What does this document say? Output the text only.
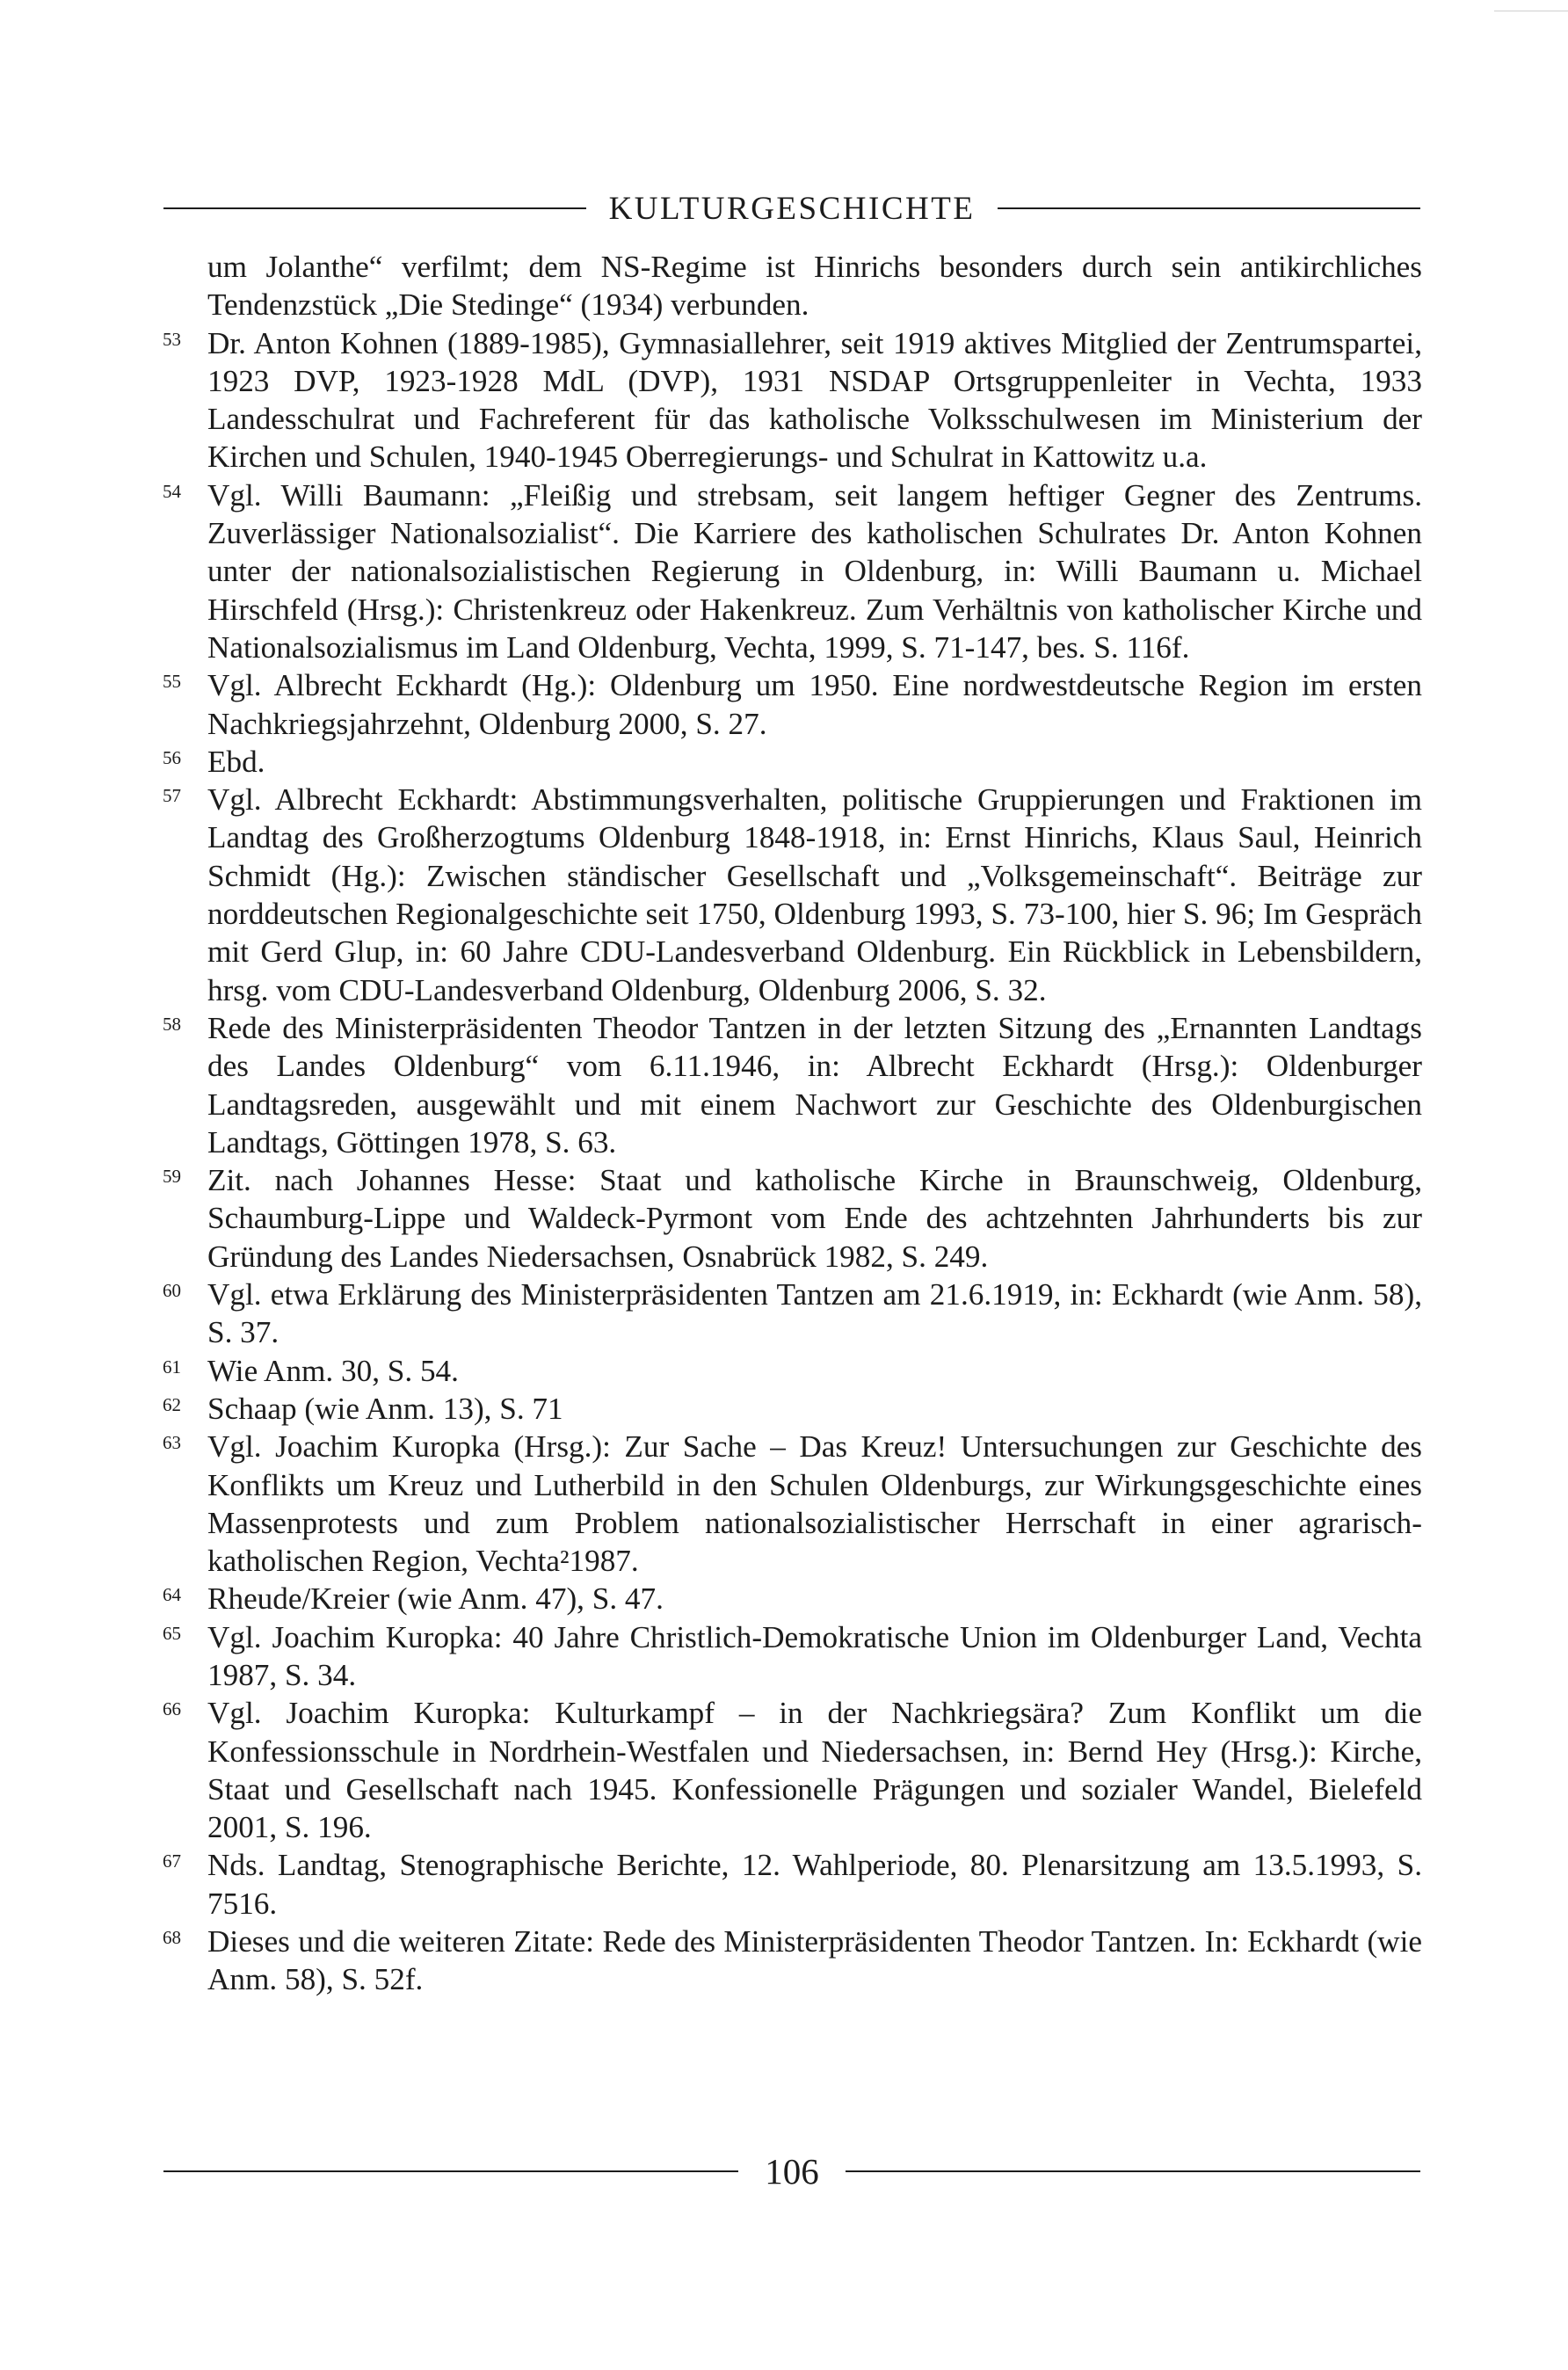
KULTURGESCHICHTE

um Jolanthe“ verfilmt; dem NS-Regime ist Hinrichs besonders durch sein antikirchliches Tendenzstück „Die Stedinge“ (1934) verbunden.

53 Dr. Anton Kohnen (1889-1985), Gymnasiallehrer, seit 1919 aktives Mitglied der Zentrumspartei, 1923 DVP, 1923-1928 MdL (DVP), 1931 NSDAP Ortsgruppenleiter in Vechta, 1933 Landesschulrat und Fachreferent für das katholische Volksschulwesen im Ministerium der Kirchen und Schulen, 1940-1945 Oberregierungs- und Schulrat in Kattowitz u.a.

54 Vgl. Willi Baumann: „Fleißig und strebsam, seit langem heftiger Gegner des Zentrums. Zuverlässiger Nationalsozialist“. Die Karriere des katholischen Schulrates Dr. Anton Kohnen unter der nationalsozialistischen Regierung in Oldenburg, in: Willi Baumann u. Michael Hirschfeld (Hrsg.): Christenkreuz oder Hakenkreuz. Zum Verhältnis von katholischer Kirche und Nationalsozialismus im Land Oldenburg, Vechta, 1999, S. 71-147, bes. S. 116f.

55 Vgl. Albrecht Eckhardt (Hg.): Oldenburg um 1950. Eine nordwestdeutsche Region im ersten Nachkriegsjahrzehnt, Oldenburg 2000, S. 27.

56 Ebd.

57 Vgl. Albrecht Eckhardt: Abstimmungsverhalten, politische Gruppierungen und Fraktionen im Landtag des Großherzogtums Oldenburg 1848-1918, in: Ernst Hinrichs, Klaus Saul, Heinrich Schmidt (Hg.): Zwischen ständischer Gesellschaft und „Volksgemeinschaft“. Beiträge zur norddeutschen Regionalgeschichte seit 1750, Oldenburg 1993, S. 73-100, hier S. 96; Im Gespräch mit Gerd Glup, in: 60 Jahre CDU-Landesverband Oldenburg. Ein Rückblick in Lebensbildern, hrsg. vom CDU-Landesverband Oldenburg, Oldenburg 2006, S. 32.

58 Rede des Ministerpräsidenten Theodor Tantzen in der letzten Sitzung des „Ernannten Landtags des Landes Oldenburg“ vom 6.11.1946, in: Albrecht Eckhardt (Hrsg.): Oldenburger Landtagsreden, ausgewählt und mit einem Nachwort zur Geschichte des Oldenburgischen Landtags, Göttingen 1978, S. 63.

59 Zit. nach Johannes Hesse: Staat und katholische Kirche in Braunschweig, Oldenburg, Schaumburg-Lippe und Waldeck-Pyrmont vom Ende des achtzehnten Jahrhunderts bis zur Gründung des Landes Niedersachsen, Osnabrück 1982, S. 249.

60 Vgl. etwa Erklärung des Ministerpräsidenten Tantzen am 21.6.1919, in: Eckhardt (wie Anm. 58), S. 37.

61 Wie Anm. 30, S. 54.

62 Schaap (wie Anm. 13), S. 71

63 Vgl. Joachim Kuropka (Hrsg.): Zur Sache – Das Kreuz! Untersuchungen zur Geschichte des Konflikts um Kreuz und Lutherbild in den Schulen Oldenburgs, zur Wirkungsgeschichte eines Massenprotests und zum Problem nationalsozialistischer Herrschaft in einer agrarisch-katholischen Region, Vechta²1987.

64 Rheude/Kreier (wie Anm. 47), S. 47.

65 Vgl. Joachim Kuropka: 40 Jahre Christlich-Demokratische Union im Oldenburger Land, Vechta 1987, S. 34.

66 Vgl. Joachim Kuropka: Kulturkampf – in der Nachkriegsära? Zum Konflikt um die Konfessionsschule in Nordrhein-Westfalen und Niedersachsen, in: Bernd Hey (Hrsg.): Kirche, Staat und Gesellschaft nach 1945. Konfessionelle Prägungen und sozialer Wandel, Bielefeld 2001, S. 196.

67 Nds. Landtag, Stenographische Berichte, 12. Wahlperiode, 80. Plenarsitzung am 13.5.1993, S. 7516.

68 Dieses und die weiteren Zitate: Rede des Ministerpräsidenten Theodor Tantzen. In: Eckhardt (wie Anm. 58), S. 52f.

106
